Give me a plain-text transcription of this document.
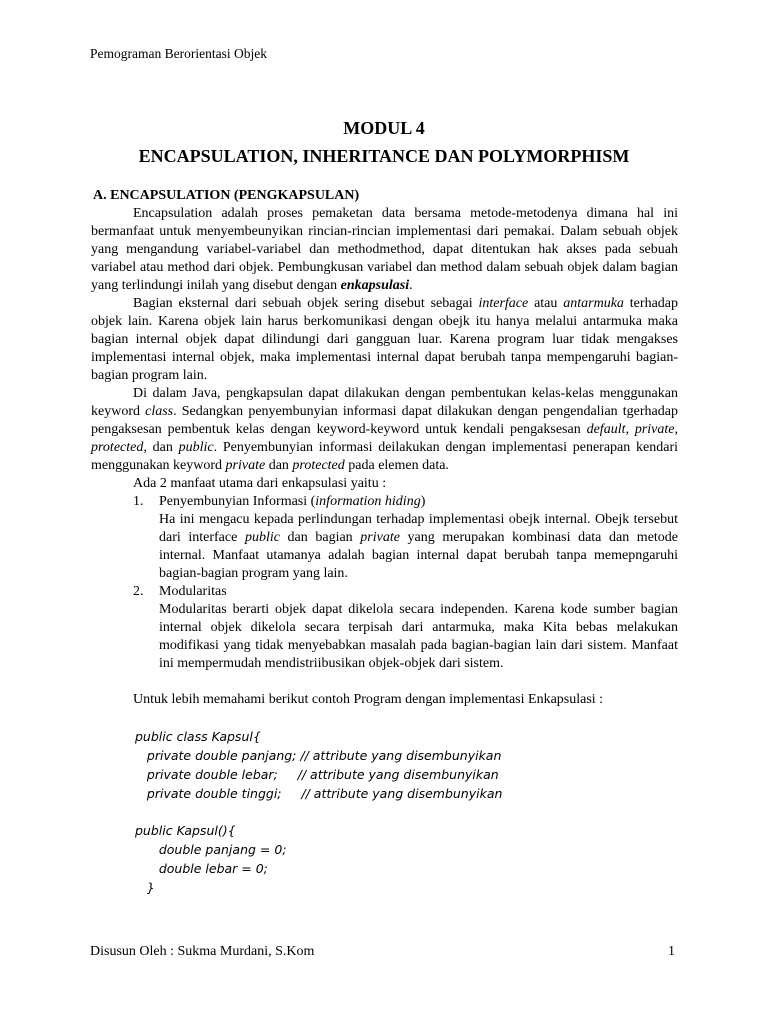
Pemograman Berorientasi Objek
MODUL 4
ENCAPSULATION, INHERITANCE DAN POLYMORPHISM
A. ENCAPSULATION (PENGKAPSULAN)

Encapsulation adalah proses pemaketan data bersama metode-metodenya dimana hal ini bermanfaat untuk menyembeunyikan rincian-rincian implementasi dari pemakai. Dalam sebuah objek yang mengandung variabel-variabel dan methodmethod, dapat ditentukan hak akses pada sebuah variabel atau method dari objek. Pembungkusan variabel dan method dalam sebuah objek dalam bagian yang terlindungi inilah yang disebut dengan enkapsulasi.

Bagian eksternal dari sebuah objek sering disebut sebagai interface atau antarmuka terhadap objek lain. Karena objek lain harus berkomunikasi dengan obejk itu hanya melalui antarmuka maka bagian internal objek dapat dilindungi dari gangguan luar. Karena program luar tidak mengakses implementasi internal objek, maka implementasi internal dapat berubah tanpa mempengaruhi bagian-bagian program lain.

Di dalam Java, pengkapsulan dapat dilakukan dengan pembentukan kelas-kelas menggunakan keyword class. Sedangkan penyembunyian informasi dapat dilakukan dengan pengendalian tgerhadap pengaksesan pembentuk kelas dengan keyword-keyword untuk kendali pengaksesan default, private, protected, dan public. Penyembunyian informasi deilakukan dengan implementasi penerapan kendari menggunakan keyword private dan protected pada elemen data.

Ada 2 manfaat utama dari enkapsulasi yaitu :

1. Penyembunyian Informasi (information hiding)
Ha ini mengacu kepada perlindungan terhadap implementasi obejk internal. Obejk tersebut dari interface public dan bagian private yang merupakan kombinasi data dan metode internal. Manfaat utamanya adalah bagian internal dapat berubah tanpa memepngaruhi bagian-bagian program yang lain.
2. Modularitas
Modularitas berarti objek dapat dikelola secara independen. Karena kode sumber bagian internal objek dikelola secara terpisah dari antarmuka, maka Kita bebas melakukan modifikasi yang tidak menyebabkan masalah pada bagian-bagian lain dari sistem. Manfaat ini mempermudah mendistriibusikan objek-objek dari sistem.
Untuk lebih memahami berikut contoh Program dengan implementasi Enkapsulasi :
public class Kapsul{
private double panjang; // attribute yang disembunyikan
private double lebar;     // attribute yang disembunyikan
private double tinggi;     // attribute yang disembunyikan
public Kapsul(){
double panjang = 0;
double lebar = 0;
}
Disusun Oleh : Sukma Murdani, S.Kom	1
